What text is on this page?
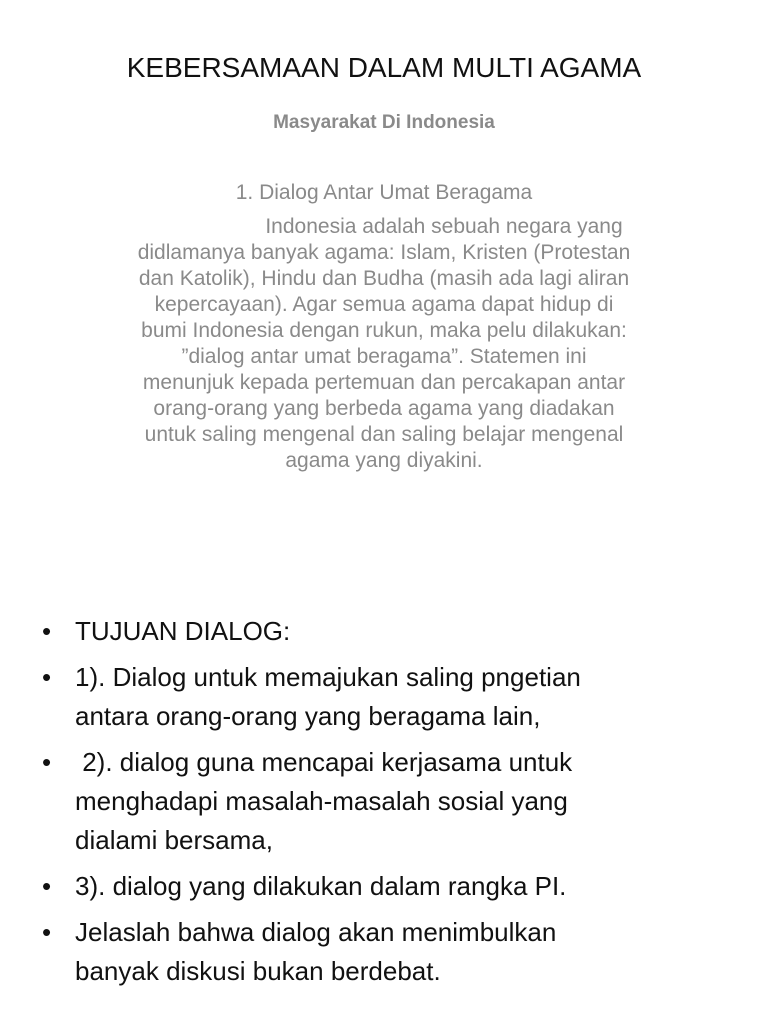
KEBERSAMAAN DALAM MULTI AGAMA
Masyarakat Di Indonesia
1. Dialog Antar Umat Beragama
Indonesia adalah sebuah negara yang
didlamanya banyak agama: Islam, Kristen (Protestan
dan Katolik), Hindu dan Budha (masih ada lagi aliran
kepercayaan). Agar semua agama dapat hidup di
bumi Indonesia dengan rukun, maka pelu dilakukan:
”dialog antar umat beragama”. Statemen ini
menunjuk kepada pertemuan dan percakapan antar
orang-orang yang berbeda agama yang diadakan
untuk saling mengenal dan saling belajar mengenal
agama yang diyakini.
• TUJUAN DIALOG:
• 1). Dialog untuk memajukan saling pngetian
antara orang-orang yang beragama lain,
• 2). dialog guna mencapai kerjasama untuk
menghadapi masalah-masalah sosial yang
dialami bersama,
• 3). dialog yang dilakukan dalam rangka PI.
• Jelaslah bahwa dialog akan menimbulkan
banyak diskusi bukan berdebat.
